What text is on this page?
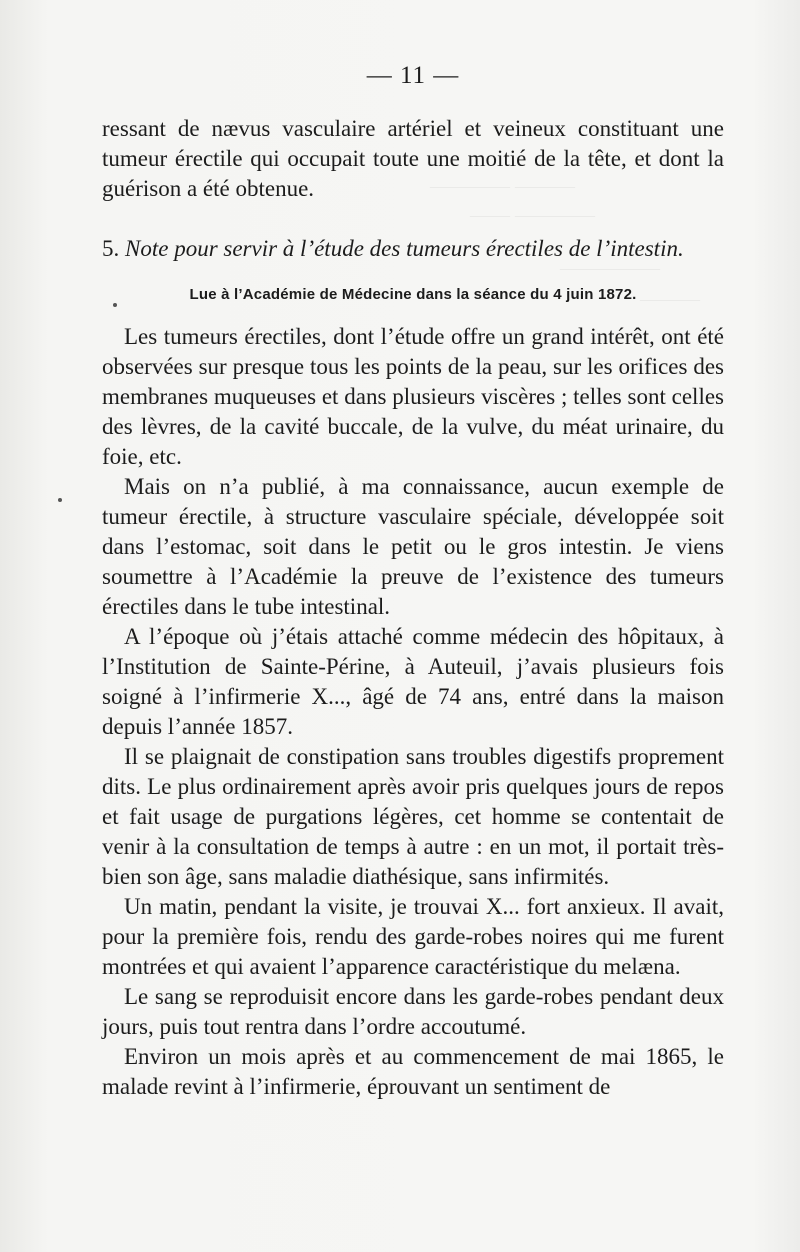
——— ————
———— ——
—————
———
— 11 —

ressant de nævus vasculaire artériel et veineux constituant une tumeur érectile qui occupait toute une moitié de la tête, et dont la guérison a été obtenue.

5. Note pour servir à l’étude des tumeurs érectiles de l’intestin.
Lue à l’Académie de Médecine dans la séance du 4 juin 1872.

Les tumeurs érectiles, dont l’étude offre un grand intérêt, ont été observées sur presque tous les points de la peau, sur les orifices des membranes muqueuses et dans plusieurs viscères ; telles sont celles des lèvres, de la cavité buccale, de la vulve, du méat urinaire, du foie, etc.

Mais on n’a publié, à ma connaissance, aucun exemple de tumeur érectile, à structure vasculaire spéciale, développée soit dans l’estomac, soit dans le petit ou le gros intestin. Je viens soumettre à l’Académie la preuve de l’existence des tumeurs érectiles dans le tube intestinal.

A l’époque où j’étais attaché comme médecin des hôpitaux, à l’Institution de Sainte-Périne, à Auteuil, j’avais plusieurs fois soigné à l’infirmerie X..., âgé de 74 ans, entré dans la maison depuis l’année 1857.

Il se plaignait de constipation sans troubles digestifs proprement dits. Le plus ordinairement après avoir pris quelques jours de repos et fait usage de purgations légères, cet homme se contentait de venir à la consultation de temps à autre : en un mot, il portait très-bien son âge, sans maladie diathésique, sans infirmités.

Un matin, pendant la visite, je trouvai X... fort anxieux. Il avait, pour la première fois, rendu des garde-robes noires qui me furent montrées et qui avaient l’apparence caractéristique du melæna.

Le sang se reproduisit encore dans les garde-robes pendant deux jours, puis tout rentra dans l’ordre accoutumé.

Environ un mois après et au commencement de mai 1865, le malade revint à l’infirmerie, éprouvant un sentiment de
